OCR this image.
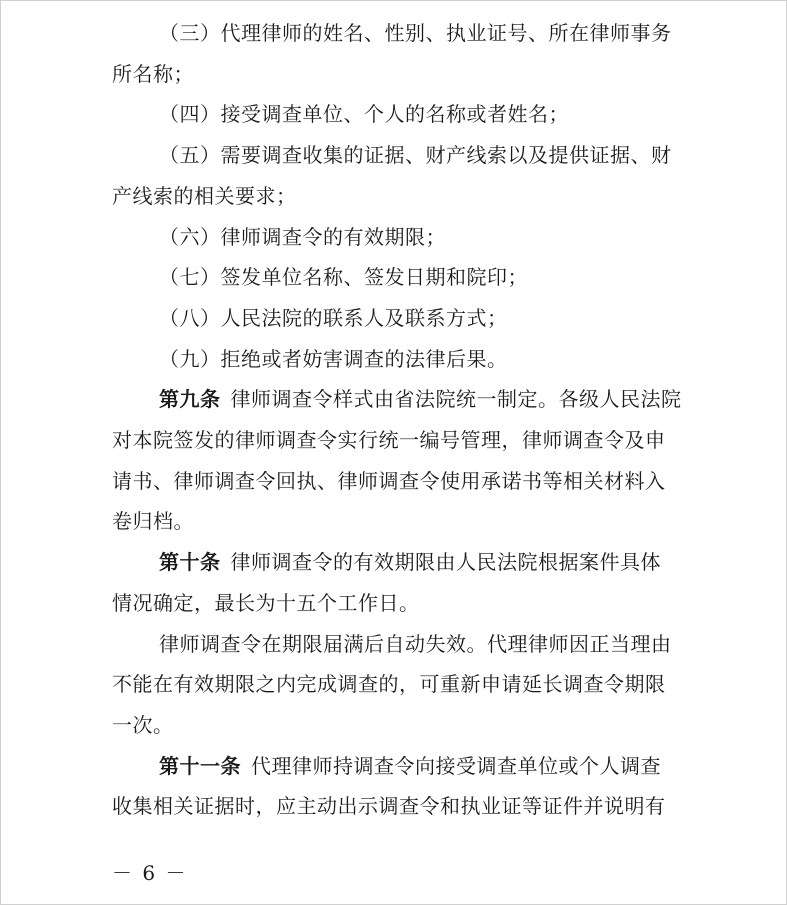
（三）代理律师的姓名、性别、执业证号、所在律师事务
所名称；
（四）接受调查单位、个人的名称或者姓名；
（五）需要调查收集的证据、财产线索以及提供证据、财
产线索的相关要求；
（六）律师调查令的有效期限；
（七）签发单位名称、签发日期和院印；
（八）人民法院的联系人及联系方式；
（九）拒绝或者妨害调查的法律后果。
第九条 律师调查令样式由省法院统一制定。各级人民法院
对本院签发的律师调查令实行统一编号管理，律师调查令及申
请书、律师调查令回执、律师调查令使用承诺书等相关材料入
卷归档。
第十条 律师调查令的有效期限由人民法院根据案件具体
情况确定，最长为十五个工作日。
律师调查令在期限届满后自动失效。代理律师因正当理由
不能在有效期限之内完成调查的，可重新申请延长调查令期限
一次。
第十一条 代理律师持调查令向接受调查单位或个人调查
收集相关证据时，应主动出示调查令和执业证等证件并说明有
－ 6 －
